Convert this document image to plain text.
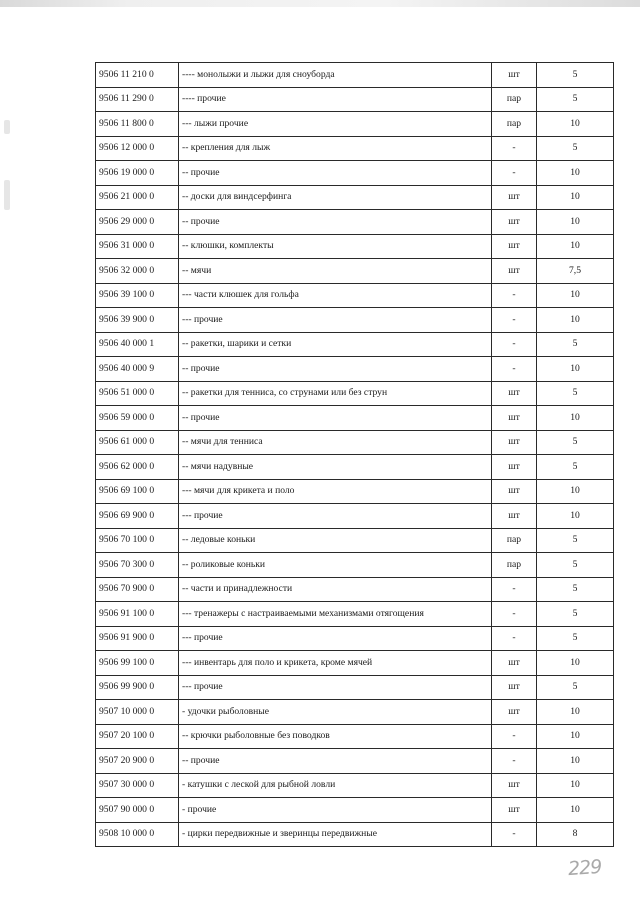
9506 11 210 0	---- монолыжи и лыжи для сноуборда	шт	5
9506 11 290 0	---- прочие	пар	5
9506 11 800 0	--- лыжи прочие	пар	10
9506 12 000 0	-- крепления для лыж	-	5
9506 19 000 0	-- прочие	-	10
9506 21 000 0	-- доски для виндсерфинга	шт	10
9506 29 000 0	-- прочие	шт	10
9506 31 000 0	-- клюшки, комплекты	шт	10
9506 32 000 0	-- мячи	шт	7,5
9506 39 100 0	--- части клюшек для гольфа	-	10
9506 39 900 0	--- прочие	-	10
9506 40 000 1	-- ракетки, шарики и сетки	-	5
9506 40 000 9	-- прочие	-	10
9506 51 000 0	-- ракетки для тенниса, со струнами или без струн	шт	5
9506 59 000 0	-- прочие	шт	10
9506 61 000 0	-- мячи для тенниса	шт	5
9506 62 000 0	-- мячи надувные	шт	5
9506 69 100 0	--- мячи для крикета и поло	шт	10
9506 69 900 0	--- прочие	шт	10
9506 70 100 0	-- ледовые коньки	пар	5
9506 70 300 0	-- роликовые коньки	пар	5
9506 70 900 0	-- части и принадлежности	-	5
9506 91 100 0	--- тренажеры с настраиваемыми механизмами отягощения	-	5
9506 91 900 0	--- прочие	-	5
9506 99 100 0	--- инвентарь для поло и крикета, кроме мячей	шт	10
9506 99 900 0	--- прочие	шт	5
9507 10 000 0	- удочки рыболовные	шт	10
9507 20 100 0	-- крючки рыболовные без поводков	-	10
9507 20 900 0	-- прочие	-	10
9507 30 000 0	- катушки с леской для рыбной ловли	шт	10
9507 90 000 0	- прочие	шт	10
9508 10 000 0	- цирки передвижные и зверинцы передвижные	-	8
229
